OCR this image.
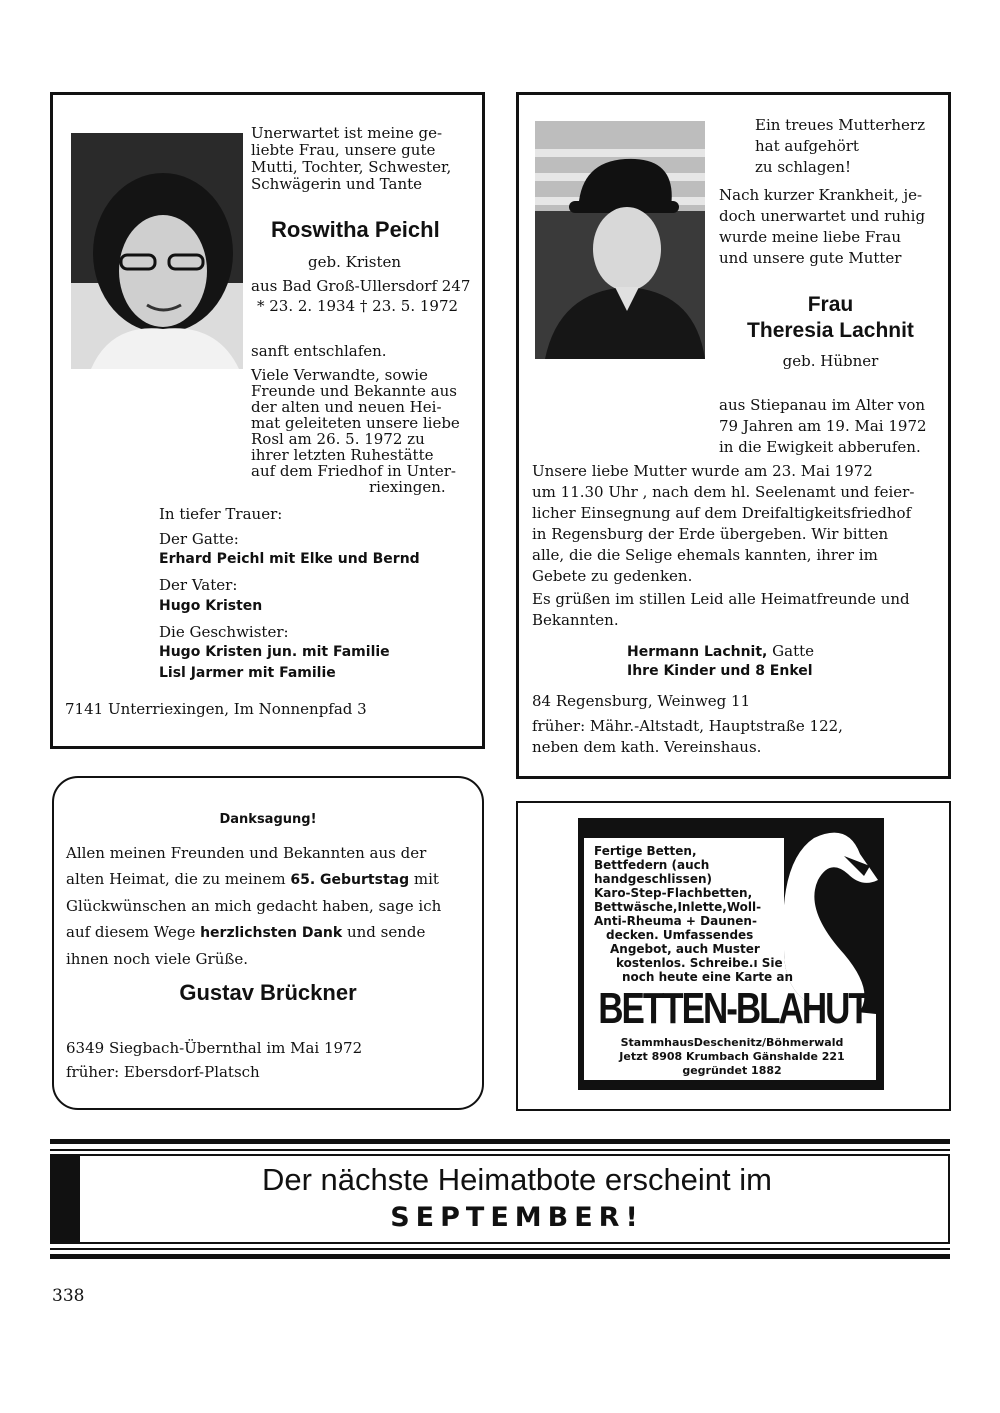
Unerwartet ist meine ge-
liebte Frau, unsere gute
Mutti, Tochter, Schwester,
Schwägerin und Tante
Roswitha Peichl
geb. Kristen
aus Bad Groß-Ullersdorf 247
* 23. 2. 1934 † 23. 5. 1972
sanft entschlafen.
Viele Verwandte, sowie
Freunde und Bekannte aus
der alten und neuen Hei-
mat geleiteten unsere liebe
Rosl am 26. 5. 1972 zu
ihrer letzten Ruhestätte
auf dem Friedhof in Unter-
riexingen.
In tiefer Trauer:
Der Gatte:
Erhard Peichl mit Elke und Bernd
Der Vater:
Hugo Kristen
Die Geschwister:
Hugo Kristen jun. mit Familie
Lisl Jarmer mit Familie
7141 Unterriexingen, Im Nonnenpfad 3
Ein treues Mutterherz
hat aufgehört
zu schlagen!
Nach kurzer Krankheit, je-
doch unerwartet und ruhig
wurde meine liebe Frau
und unsere gute Mutter
Frau
Theresia Lachnit
geb. Hübner
aus Stiepanau im Alter von
79 Jahren am 19. Mai 1972
in die Ewigkeit abberufen.
Unsere liebe Mutter wurde am 23. Mai 1972
um 11.30 Uhr , nach dem hl. Seelenamt und feier-
licher Einsegnung auf dem Dreifaltigkeitsfriedhof
in Regensburg der Erde übergeben. Wir bitten
alle, die die Selige ehemals kannten, ihrer im
Gebete zu gedenken.
Es grüßen im stillen Leid alle Heimatfreunde und
Bekannten.
Hermann Lachnit, Gatte
Ihre Kinder und 8 Enkel
84 Regensburg, Weinweg 11
früher: Mähr.-Altstadt, Hauptstraße 122,
neben dem kath. Vereinshaus.
Danksagung!
Allen meinen Freunden und Bekannten aus der
alten Heimat, die zu meinem 65. Geburtstag mit
Glückwünschen an mich gedacht haben, sage ich
auf diesem Wege herzlichsten Dank und sende
ihnen noch viele Grüße.
Gustav Brückner
6349 Siegbach-Übernthal im Mai 1972
früher: Ebersdorf-Platsch
Fertige Betten,
Bettfedern (auch
handgeschlissen)
Karo-Step-Flachbetten,
Bettwäsche,Inlette,Woll-
Anti-Rheuma + Daunen-
decken. Umfassendes
Angebot, auch Muster
kostenlos. Schreibe.ı Sie
noch heute eine Karte an
BETTEN-BLAHUT
StammhausDeschenitz/Böhmerwald
Jetzt 8908 Krumbach Gänshalde 221
gegründet 1882
Der nächste Heimatbote erscheint im
SEPTEMBER!
338
